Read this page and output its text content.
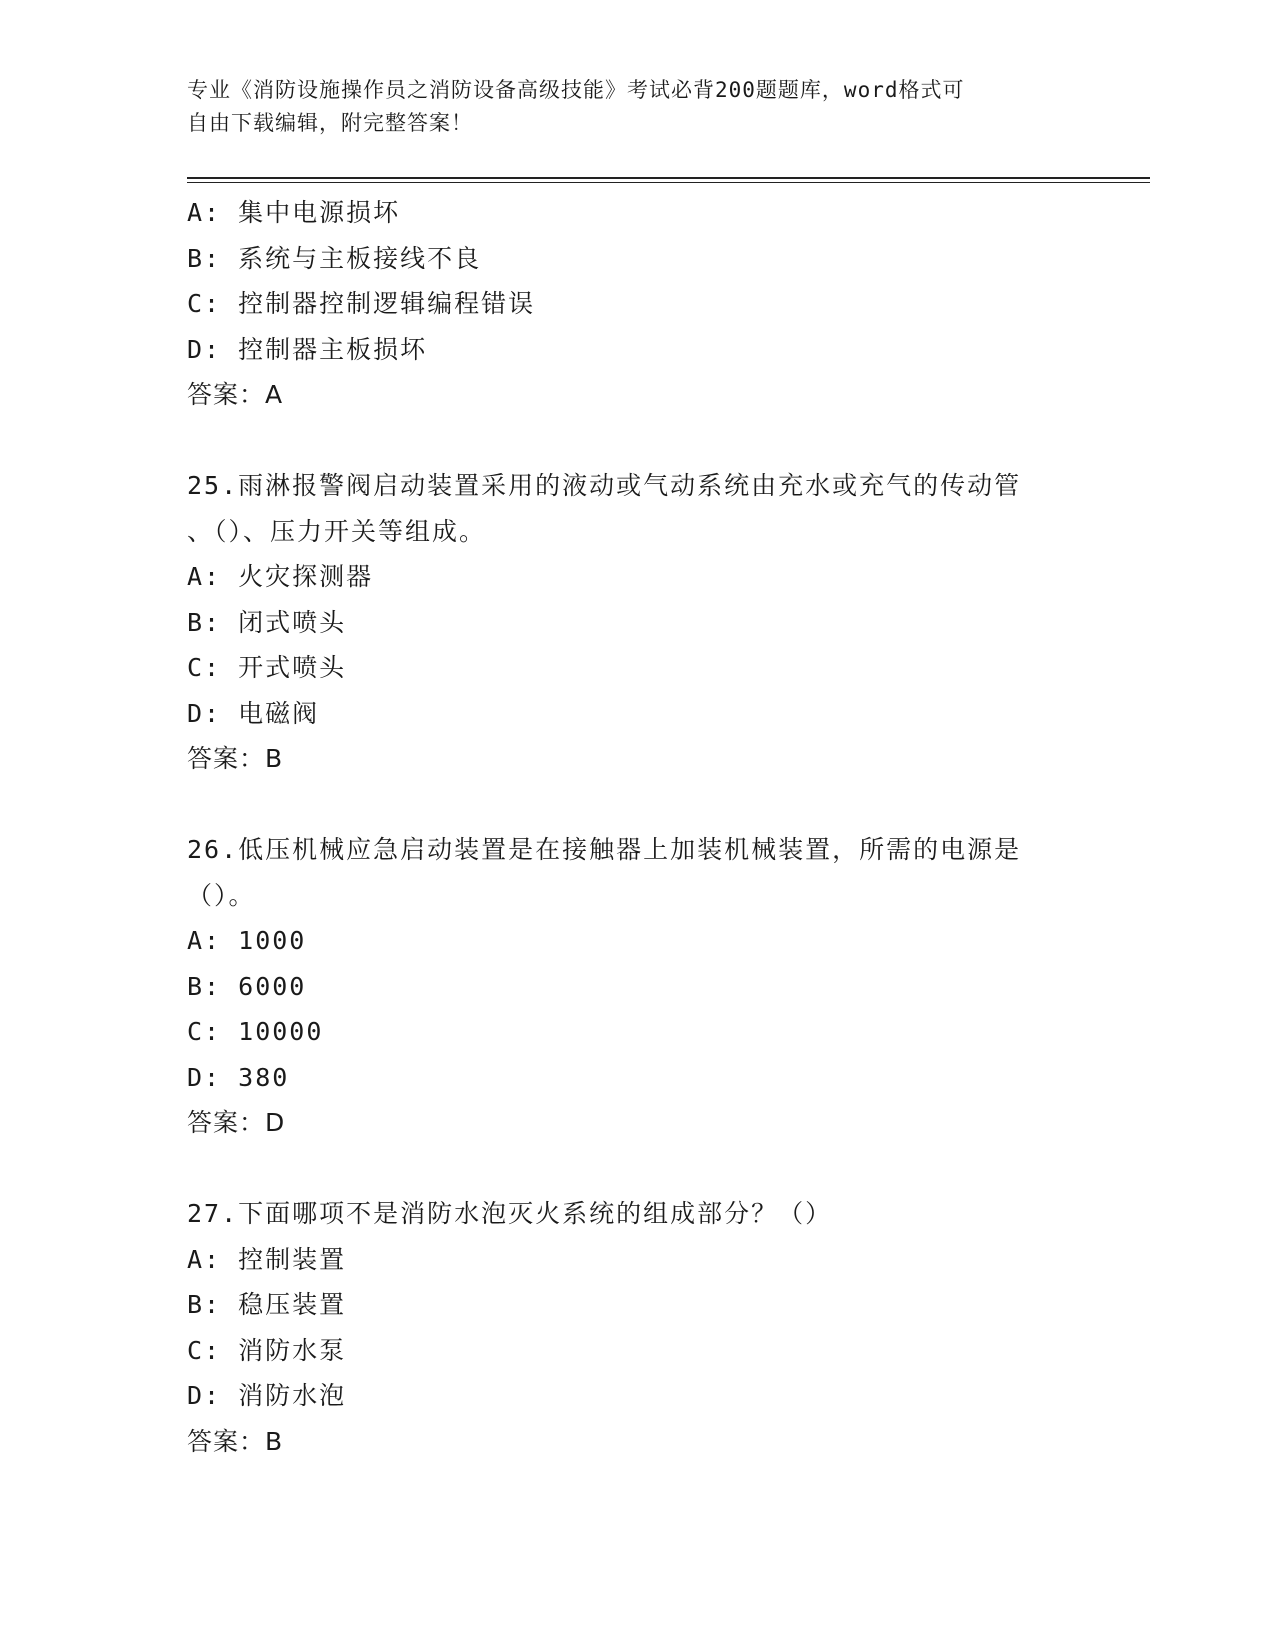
专业《消防设施操作员之消防设备高级技能》考试必背200题题库，word格式可
自由下载编辑，附完整答案！
A: 集中电源损坏
B: 系统与主板接线不良
C: 控制器控制逻辑编程错误
D: 控制器主板损坏
答案：A
25.雨淋报警阀启动装置采用的液动或气动系统由充水或充气的传动管
、（）、压力开关等组成。
A: 火灾探测器
B: 闭式喷头
C: 开式喷头
D: 电磁阀
答案：B
26.低压机械应急启动装置是在接触器上加装机械装置，所需的电源是
（）。
A: 1000
B: 6000
C: 10000
D: 380
答案：D
27.下面哪项不是消防水泡灭火系统的组成部分？（）
A: 控制装置
B: 稳压装置
C: 消防水泵
D: 消防水泡
答案：B
